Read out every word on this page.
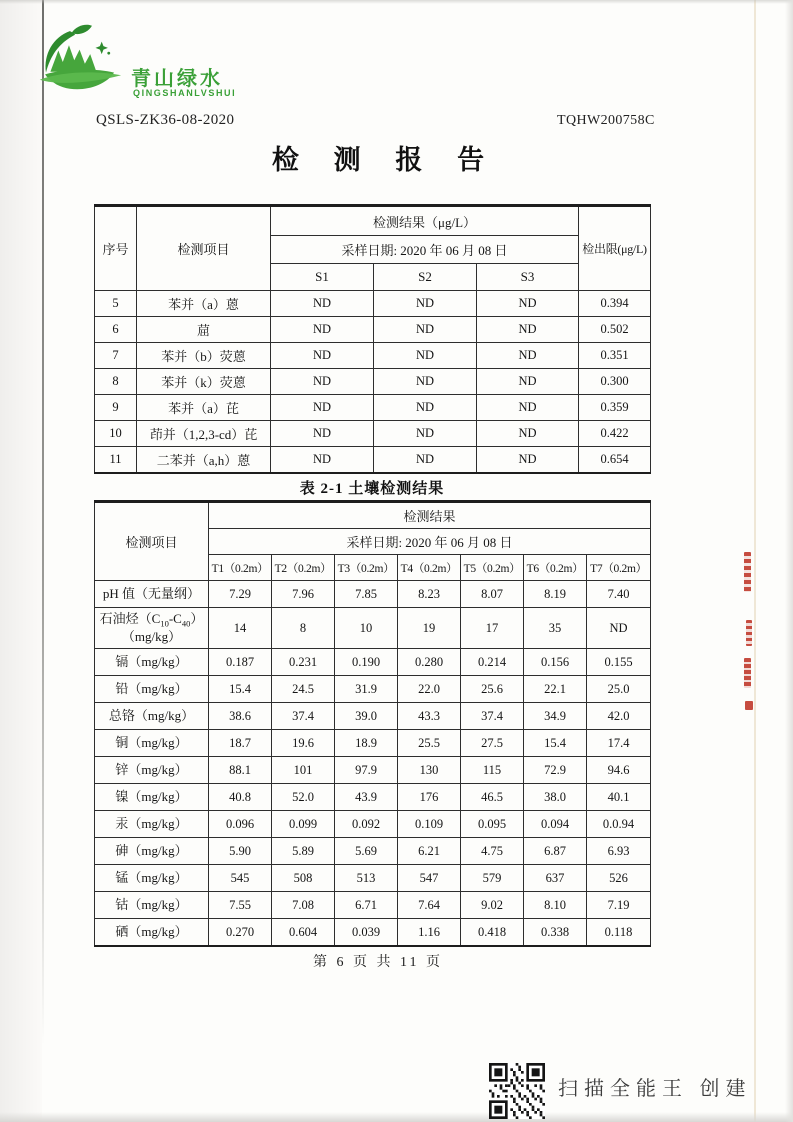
青山绿水
QINGSHANLVSHUI
QSLS-ZK36-08-2020	TQHW200758C
检 测 报 告
序号	检测项目	检测结果（μg/L）			检出限(μg/L)
		采样日期: 2020 年 06 月 08 日			
		S1	S2	S3	
5	苯并（a）蒽	ND	ND	ND	0.394
6	䓛	ND	ND	ND	0.502
7	苯并（b）荧蒽	ND	ND	ND	0.351
8	苯并（k）荧蒽	ND	ND	ND	0.300
9	苯并（a）芘	ND	ND	ND	0.359
10	茚并（1,2,3-cd）芘	ND	ND	ND	0.422
11	二苯并（a,h）蒽	ND	ND	ND	0.654
表 2-1 土壤检测结果
检测项目	检测结果						
	采样日期: 2020 年 06 月 08 日						
	T1（0.2m）	T2（0.2m）	T3（0.2m）	T4（0.2m）	T5（0.2m）	T6（0.2m）	T7（0.2m）
pH 值（无量纲）	7.29	7.96	7.85	8.23	8.07	8.19	7.40
石油烃$(C_{10}-C_{40})$
（mg/kg）	14	8	10	19	17	35	ND
镉（mg/kg）	0.187	0.231	0.190	0.280	0.214	0.156	0.155
铅（mg/kg）	15.4	24.5	31.9	22.0	25.6	22.1	25.0
总铬（mg/kg）	38.6	37.4	39.0	43.3	37.4	34.9	42.0
铜（mg/kg）	18.7	19.6	18.9	25.5	27.5	15.4	17.4
锌（mg/kg）	88.1	101	97.9	130	115	72.9	94.6
镍（mg/kg）	40.8	52.0	43.9	176	46.5	38.0	40.1
汞（mg/kg）	0.096	0.099	0.092	0.109	0.095	0.094	0.0.94
砷（mg/kg）	5.90	5.89	5.69	6.21	4.75	6.87	6.93
锰（mg/kg）	545	508	513	547	579	637	526
钴（mg/kg）	7.55	7.08	6.71	7.64	9.02	8.10	7.19
硒（mg/kg）	0.270	0.604	0.039	1.16	0.418	0.338	0.118
第 6 页 共 11 页
扫描全能王 创建
